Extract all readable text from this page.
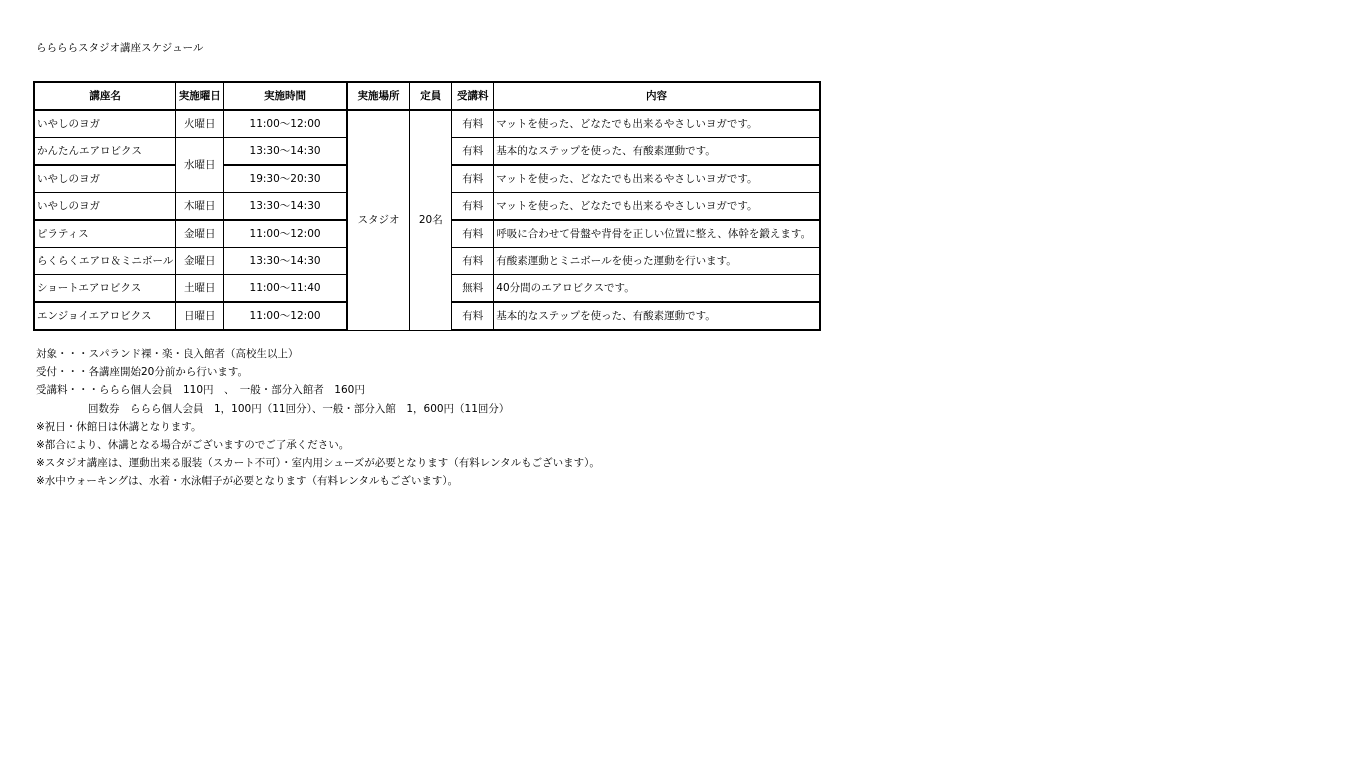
ららららスタジオ講座スケジュール
講座名	実施曜日	実施時間	実施場所	定員	受講料	内容
いやしのヨガ	火曜日	11:00〜12:00	スタジオ	20名	有料	マットを使った、どなたでも出来るやさしいヨガです。
かんたんエアロビクス	水曜日	13:30〜14:30			有料	基本的なステップを使った、有酸素運動です。
いやしのヨガ		19:30〜20:30			有料	マットを使った、どなたでも出来るやさしいヨガです。
いやしのヨガ	木曜日	13:30〜14:30			有料	マットを使った、どなたでも出来るやさしいヨガです。
ピラティス	金曜日	11:00〜12:00			有料	呼吸に合わせて骨盤や背骨を正しい位置に整え、体幹を鍛えます。
らくらくエアロ＆ミニボール	金曜日	13:30〜14:30			有料	有酸素運動とミニボールを使った運動を行います。
ショートエアロビクス	土曜日	11:00〜11:40			無料	40分間のエアロビクスです。
エンジョイエアロビクス	日曜日	11:00〜12:00			有料	基本的なステップを使った、有酸素運動です。
対象・・・スパランド裸・楽・良入館者（高校生以上）
受付・・・各講座開始20分前から行います。
受講料・・・ららら個人会員　110円　、　一般・部分入館者　160円
回数券　ららら個人会員　1，100円（11回分）、一般・部分入館　1，600円（11回分）
※祝日・休館日は休講となります。
※都合により、休講となる場合がございますのでご了承ください。
※スタジオ講座は、運動出来る服装（スカート不可）・室内用シューズが必要となります（有料レンタルもございます）。
※水中ウォーキングは、水着・水泳帽子が必要となります（有料レンタルもございます）。
